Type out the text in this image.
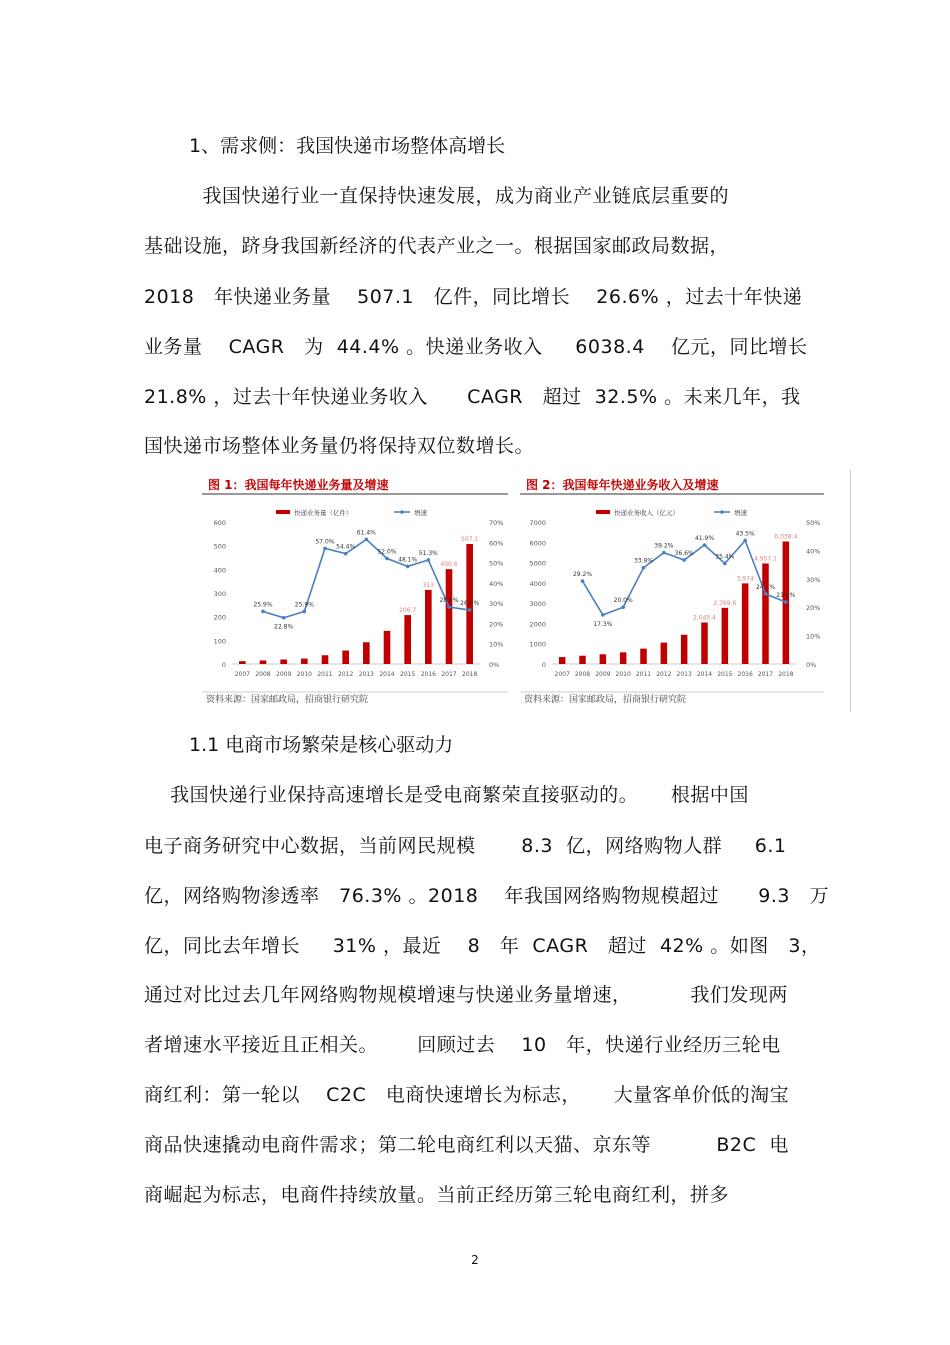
1、需求侧：我国快递市场整体高增长
我国快递行业一直保持快速发展，成为商业产业链底层重要的
基础设施，跻身我国新经济的代表产业之一。根据国家邮政局数据，
2018   年快递业务量    507.1   亿件，同比增长    26.6% ，过去十年快递
业务量    CAGR   为  44.4% 。快递业务收入     6038.4    亿元，同比增长
21.8% ，过去十年快递业务收入      CAGR   超过  32.5% 。未来几年，我
国快递市场整体业务量仍将保持双位数增长。
图 1：我国每年快递业务量及增速
资料来源：国家邮政局，招商银行研究院
图 2：我国每年快递业务收入及增速
资料来源：国家邮政局，招商银行研究院
0
100
200
300
400
500
600
0%
10%
20%
30%
40%
50%
60%
70%
快递业务量（亿件）	增速
206.7
313
400.6
507.1
2007 2008 2009 2010 2011 2012 2013 2014 2015 2016 2017 2018
25.9%
22.8%
25.9%
57.0%
54.4%
61.4%
52.0%
48.1%
51.3%
28.1% 26.6%
0
1000
2000
3000
4000
5000
6000
7000
0%
10%
20%
30%
40%
50%
快递业务收入（亿元）	增速
2,045.4
2,769.6
3,974
4,957.1
6,038.4
2007 2008 2009 2010 2011 2012 2013 2014 2015 2016 2017 2018
29.2%
17.3%
20.0%
33.9%
39.2%
36.6%
41.9%
35.4%
43.5%
24.7%
21.8%
1.1 电商市场繁荣是核心驱动力
我国快递行业保持高速增长是受电商繁荣直接驱动的。     根据中国
电子商务研究中心数据，当前网民规模       8.3  亿，网络购物人群     6.1
亿，网络购物渗透率   76.3% 。2018    年我国网络购物规模超过      9.3   万
亿，同比去年增长     31% ，最近    8   年  CAGR   超过  42% 。如图   3，
通过对比过去几年网络购物规模增速与快递业务量增速，         我们发现两
者增速水平接近且正相关。      回顾过去    10   年，快递行业经历三轮电
商红利：第一轮以    C2C   电商快速增长为标志，     大量客单价低的淘宝
商品快速撬动电商件需求；第二轮电商红利以天猫、京东等          B2C  电
商崛起为标志，电商件持续放量。当前正经历第三轮电商红利，拼多
2
